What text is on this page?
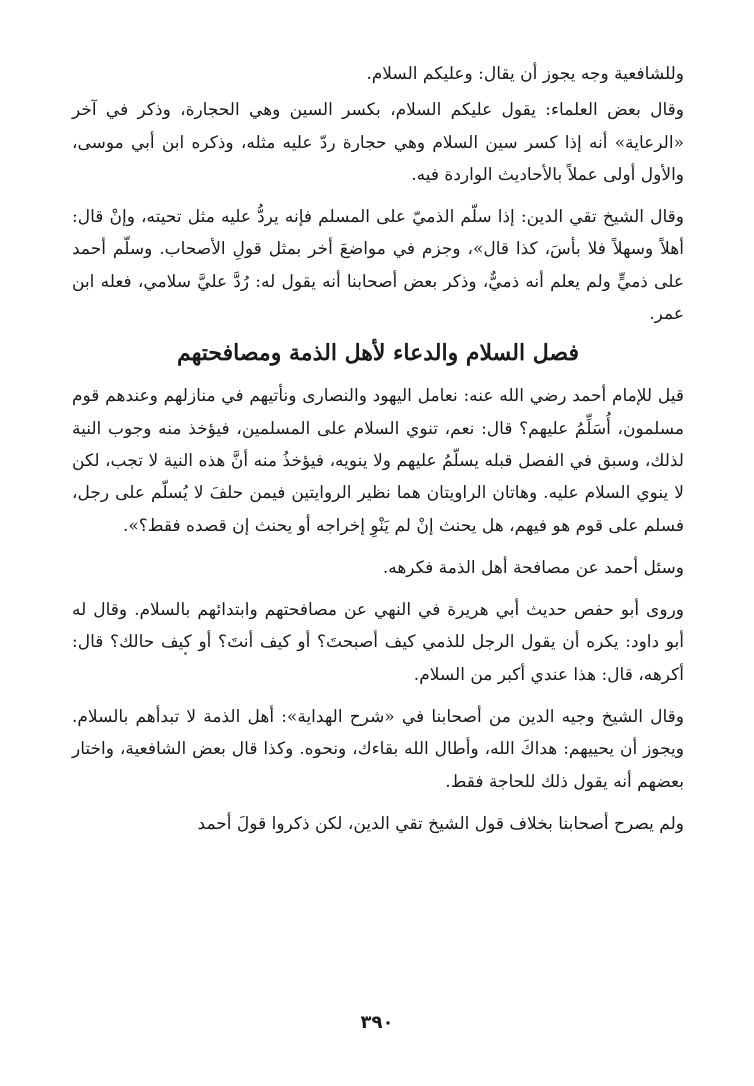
وللشافعية وجه يجوز أن يقال: وعليكم السلام.

وقال بعض العلماء: يقول عليكم السلام، بكسر السين وهي الحجارة، وذكر في آخر «الرعاية» أنه إذا كسر سين السلام وهي حجارة ردّ عليه مثله، وذكره ابن أبي موسى، والأول أولى عملاً بالأحاديث الواردة فيه.

وقال الشيخ تقي الدين: إذا سلّم الذميّ على المسلم فإنه يردُّ عليه مثل تحيته، وإنْ قال: أهلاً وسهلاً فلا بأسَ، كذا قال»، وجزم في مواضعَ أخر بمثل قولِ الأصحاب. وسلّم أحمد على ذميٍّ ولم يعلم أنه ذميٌّ، وذكر بعض أصحابنا أنه يقول له: رُدَّ عليَّ سلامي، فعله ابن عمر.

فصل السلام والدعاء لأهل الذمة ومصافحتهم

قيل للإمام أحمد رضي الله عنه: نعامل اليهود والنصارى ونأتيهم في منازلهم وعندهم قوم مسلمون، أُسَلِّمُ عليهم؟ قال: نعم، تنوي السلام على المسلمين، فيؤخذ منه وجوب النية لذلك، وسبق في الفصل قبله يسلّمُ عليهم ولا ينويه، فيؤخذُ منه أنَّ هذه النية لا تجب، لكن لا ينوي السلام عليه. وهاتان الراويتان هما نظير الروايتين فيمن حلفَ لا يُسلّم على رجل، فسلم على قوم هو فيهم، هل يحنث إنْ لم يَنْوِ إخراجه أو يحنث إن قصده فقط؟».

وسئل أحمد عن مصافحة أهل الذمة فكرهه.

وروى أبو حفص حديث أبي هريرة في النهي عن مصافحتهم وابتدائهم بالسلام. وقال له أبو داود: يكره أن يقول الرجل للذمي كيف أصبحتَ؟ أو كيف أنتَ؟ أو كيف حالك؟ قال: أكرهه، قال: هذا عندي أكبر من السلام.

وقال الشيخ وجيه الدين من أصحابنا في «شرح الهداية»: أهل الذمة لا تبدأهم بالسلام. ويجوز أن يحييهم: هداكَ الله، وأطال الله بقاءك، ونحوه. وكذا قال بعض الشافعية، واختار بعضهم أنه يقول ذلك للحاجة فقط.

ولم يصرح أصحابنا بخلاف قول الشيخ تقي الدين، لكن ذكروا قولَ أحمد

٣٩٠
